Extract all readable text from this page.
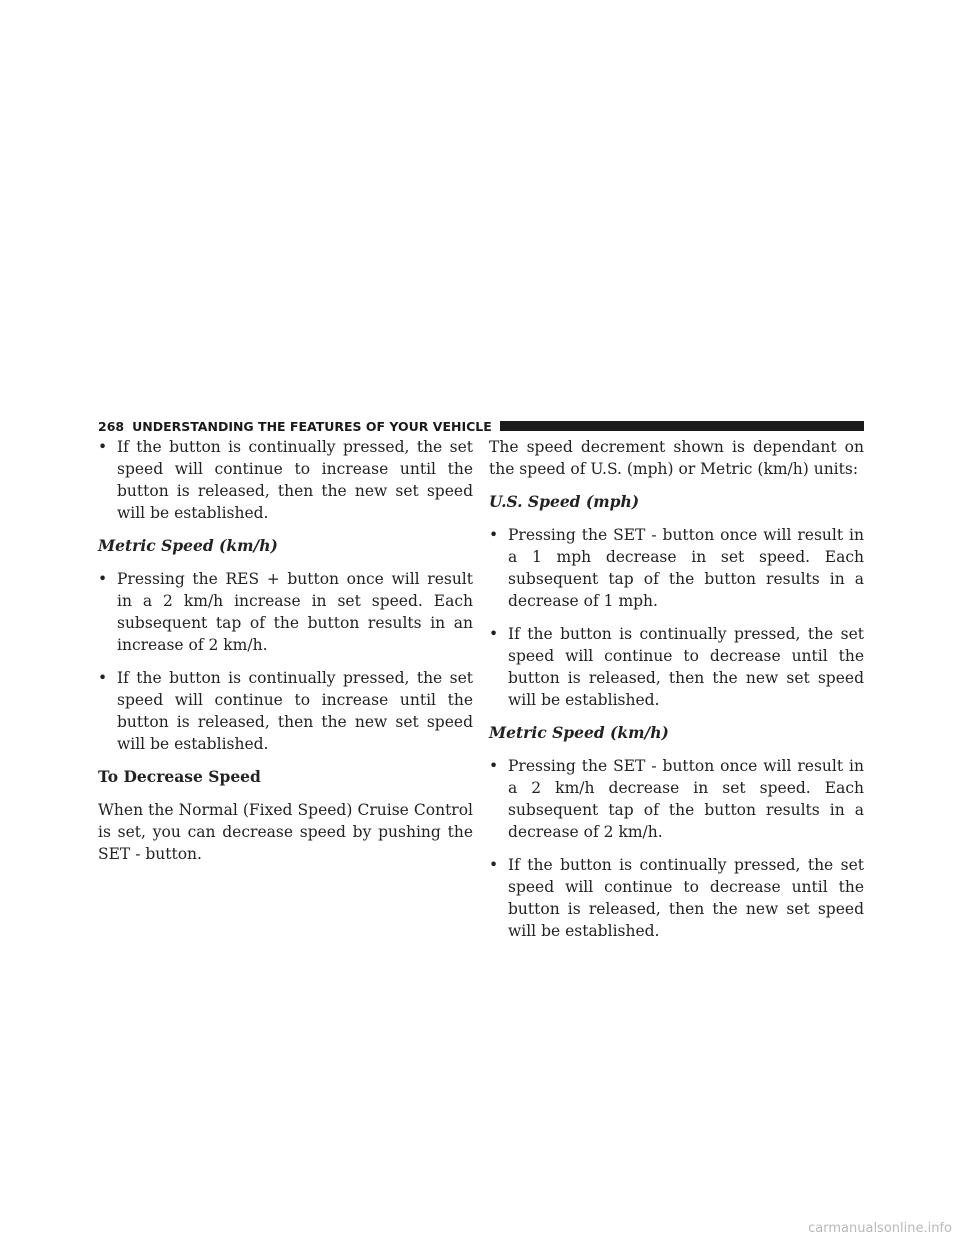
268 UNDERSTANDING THE FEATURES OF YOUR VEHICLE
• If the button is continually pressed, the set speed will continue to increase until the button is released, then the new set speed will be established.
Metric Speed (km/h)
• Pressing the RES + button once will result in a 2 km/h increase in set speed. Each subsequent tap of the button results in an increase of 2 km/h.
• If the button is continually pressed, the set speed will continue to increase until the button is released, then the new set speed will be established.
To Decrease Speed

When the Normal (Fixed Speed) Cruise Control is set, you can decrease speed by pushing the SET - button.

The speed decrement shown is dependant on the speed of U.S. (mph) or Metric (km/h) units:

U.S. Speed (mph)
• Pressing the SET - button once will result in a 1 mph decrease in set speed. Each subsequent tap of the button results in a decrease of 1 mph.
• If the button is continually pressed, the set speed will continue to decrease until the button is released, then the new set speed will be established.
Metric Speed (km/h)
• Pressing the SET - button once will result in a 2 km/h decrease in set speed. Each subsequent tap of the button results in a decrease of 2 km/h.
• If the button is continually pressed, the set speed will continue to decrease until the button is released, then the new set speed will be established.
carmanualsonline.info
